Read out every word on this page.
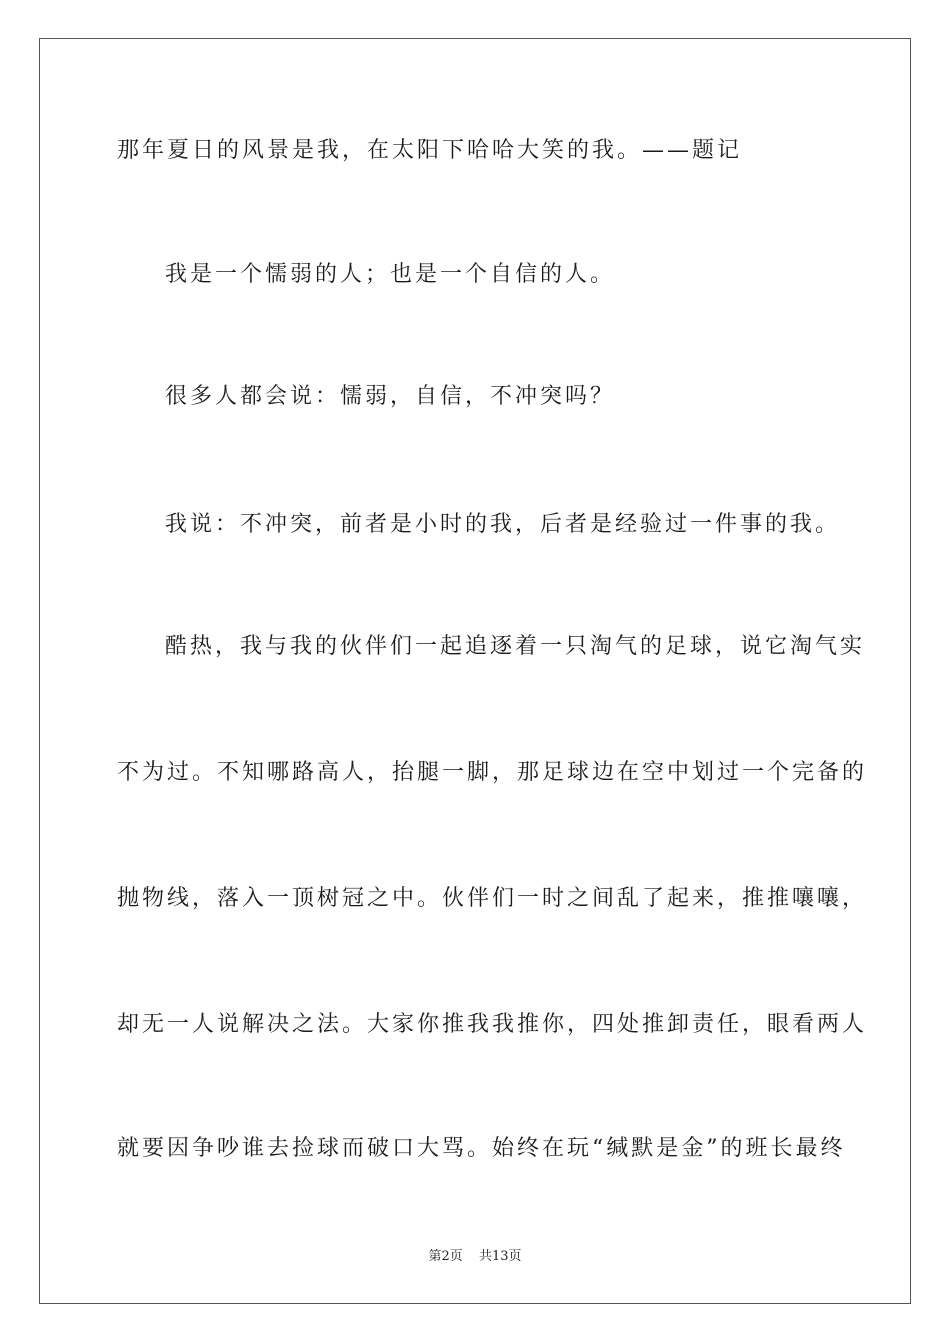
那年夏日的风景是我，在太阳下哈哈大笑的我。——题记
我是一个懦弱的人；也是一个自信的人。
很多人都会说：懦弱，自信，不冲突吗？
我说：不冲突，前者是小时的我，后者是经验过一件事的我。
酷热，我与我的伙伴们一起追逐着一只淘气的足球，说它淘气实
不为过。不知哪路高人，抬腿一脚，那足球边在空中划过一个完备的
抛物线，落入一顶树冠之中。伙伴们一时之间乱了起来，推推嚷嚷，
却无一人说解决之法。大家你推我我推你，四处推卸责任，眼看两人
就要因争吵谁去捡球而破口大骂。始终在玩“缄默是金”的班长最终
第2页 共13页
